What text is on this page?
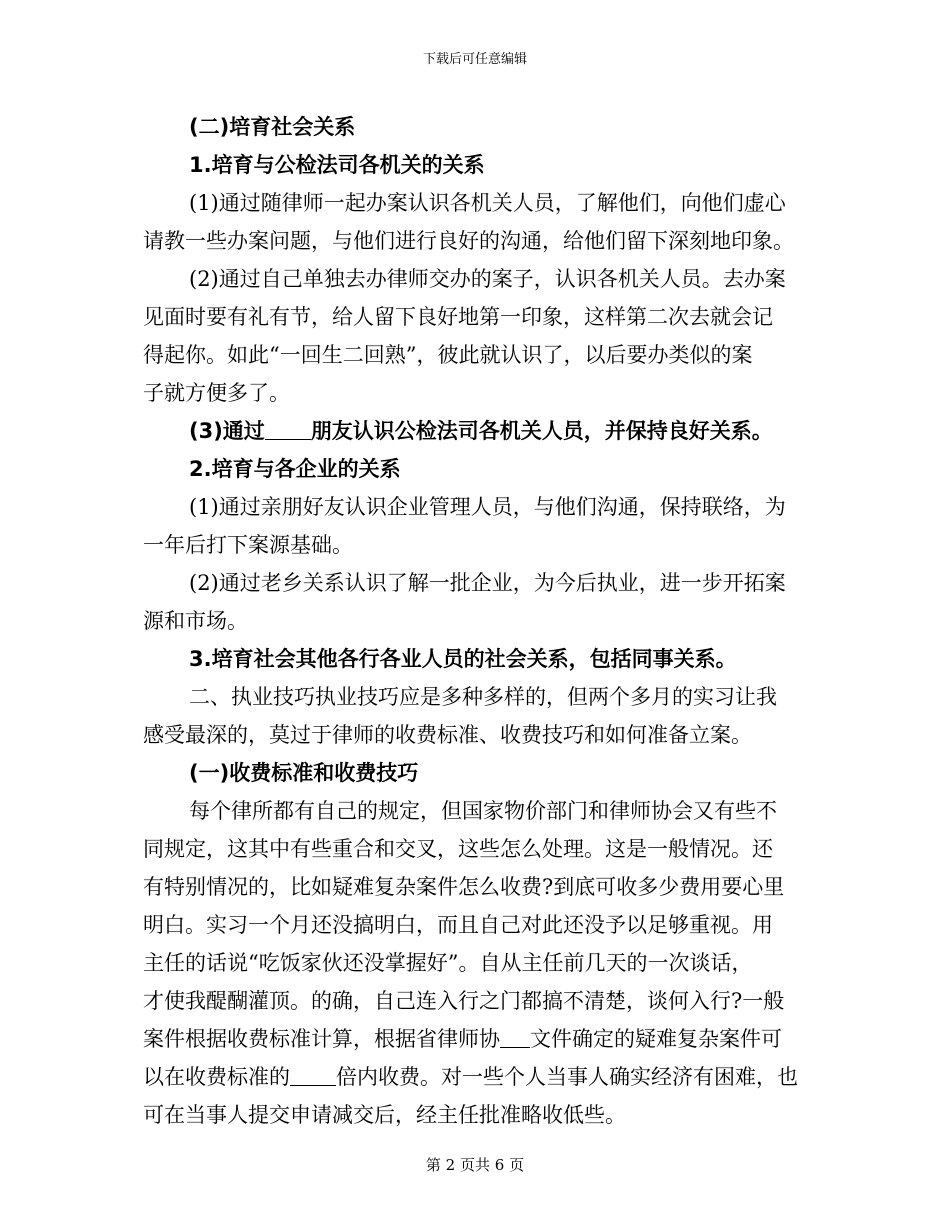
下载后可任意编辑
(二)培育社会关系
1.培育与公检法司各机关的关系
(1)通过随律师一起办案认识各机关人员，了解他们，向他们虚心
请教一些办案问题，与他们进行良好的沟通，给他们留下深刻地印象。
(2)通过自己单独去办律师交办的案子，认识各机关人员。去办案
见面时要有礼有节，给人留下良好地第一印象，这样第二次去就会记
得起你。如此“一回生二回熟”，彼此就认识了，以后要办类似的案
子就方便多了。
(3)通过 朋友认识公检法司各机关人员，并保持良好关系。
2.培育与各企业的关系
(1)通过亲朋好友认识企业管理人员，与他们沟通，保持联络，为
一年后打下案源基础。
(2)通过老乡关系认识了解一批企业，为今后执业，进一步开拓案
源和市场。
3.培育社会其他各行各业人员的社会关系，包括同事关系。
二、执业技巧执业技巧应是多种多样的，但两个多月的实习让我
感受最深的，莫过于律师的收费标准、收费技巧和如何准备立案。
(一)收费标准和收费技巧
每个律所都有自己的规定，但国家物价部门和律师协会又有些不
同规定，这其中有些重合和交叉，这些怎么处理。这是一般情况。还
有特别情况的，比如疑难复杂案件怎么收费?到底可收多少费用要心里
明白。实习一个月还没搞明白，而且自己对此还没予以足够重视。用
主任的话说“吃饭家伙还没掌握好”。自从主任前几天的一次谈话，
才使我醍醐灌顶。的确，自己连入行之门都搞不清楚，谈何入行?一般
案件根据收费标准计算，根据省律师协 文件确定的疑难复杂案件可
以在收费标准的 倍内收费。对一些个人当事人确实经济有困难，也
可在当事人提交申请减交后，经主任批准略收低些。
第 2 页共 6 页
